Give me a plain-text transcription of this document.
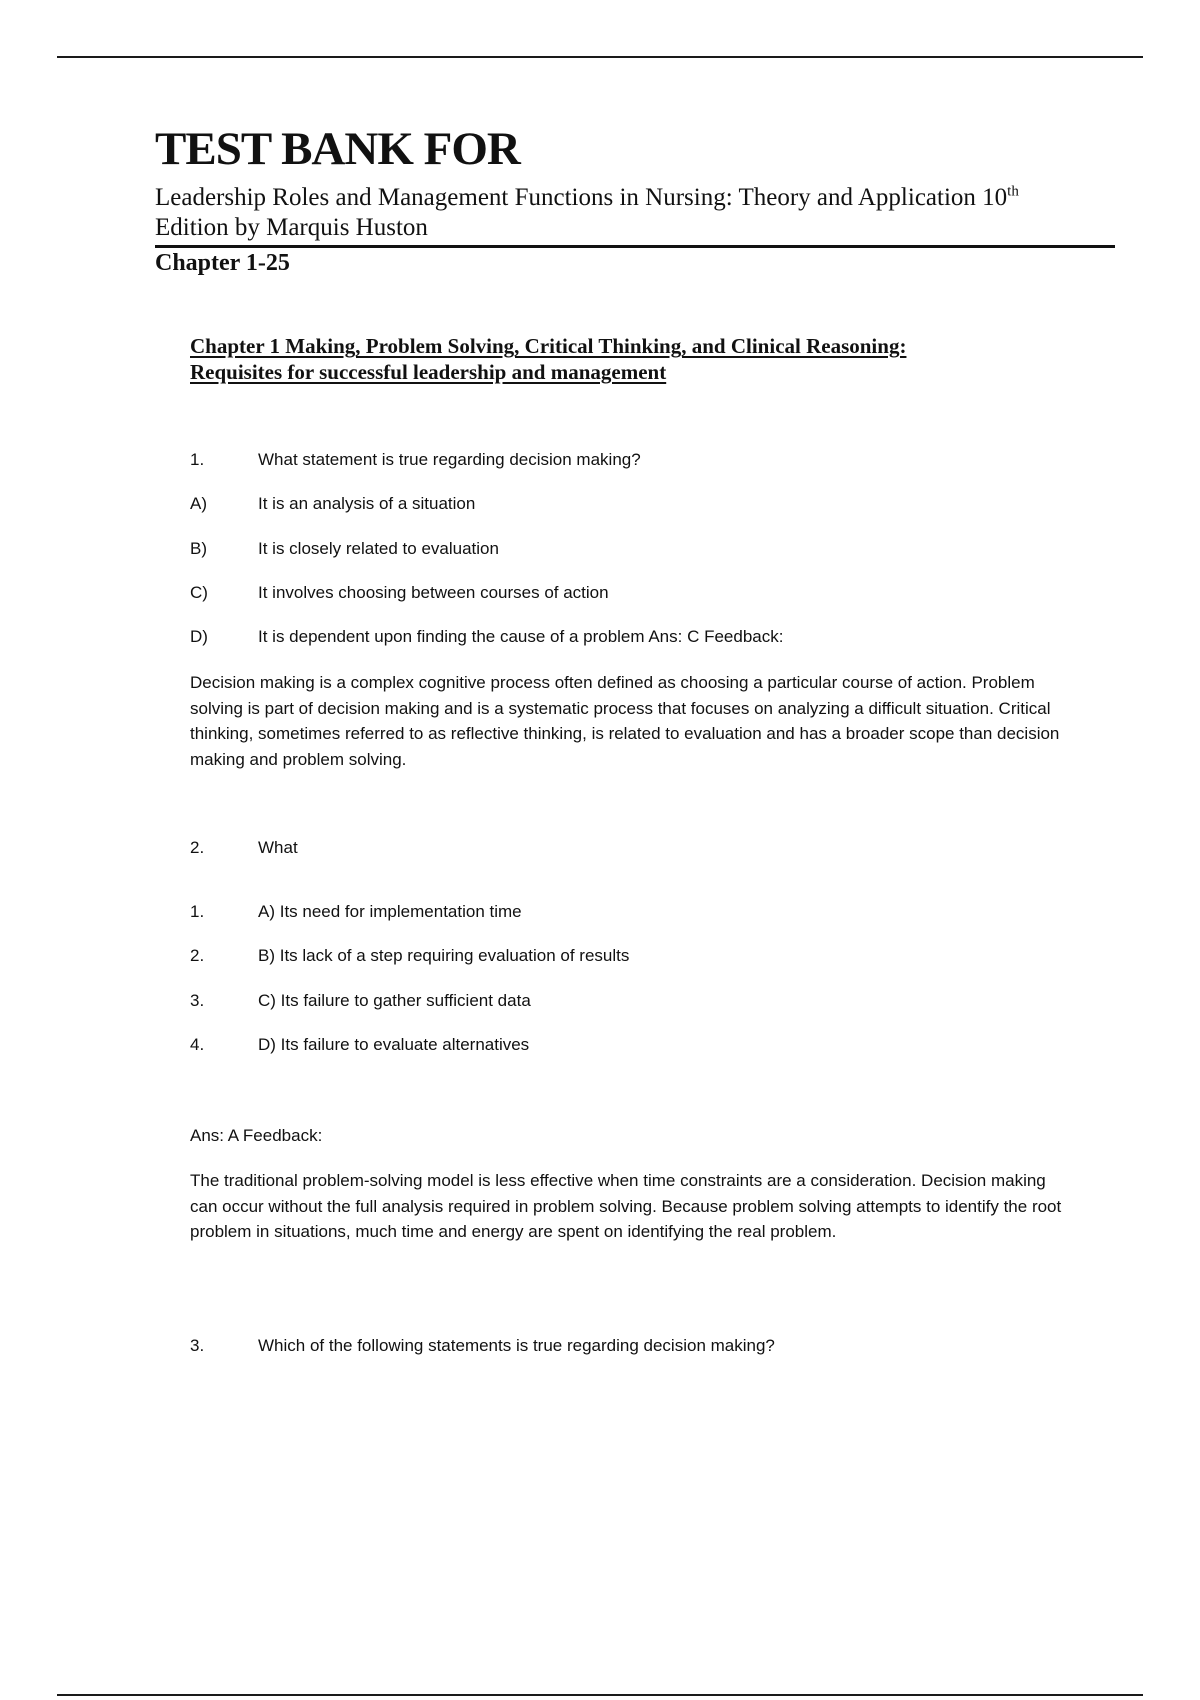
TEST BANK FOR
Leadership Roles and Management Functions in Nursing: Theory and Application 10th
Edition by Marquis Huston
Chapter 1-25
Chapter 1 Making, Problem Solving, Critical Thinking, and Clinical Reasoning:
Requisites for successful leadership and management
1.	What statement is true regarding decision making?
A)	It is an analysis of a situation
B)	It is closely related to evaluation
C)	It involves choosing between courses of action
D)	It is dependent upon finding the cause of a problem Ans: C Feedback:
Decision making is a complex cognitive process often defined as choosing a particular course of action. Problem solving is part of decision making and is a systematic process that focuses on analyzing a difficult situation. Critical thinking, sometimes referred to as reflective thinking, is related to evaluation and has a broader scope than decision making and problem solving.
2.	What
1.	A) Its need for implementation time
2.	B) Its lack of a step requiring evaluation of results
3.	C) Its failure to gather sufficient data
4.	D) Its failure to evaluate alternatives
Ans: A Feedback:
The traditional problem-solving model is less effective when time constraints are a consideration. Decision making can occur without the full analysis required in problem solving. Because problem solving attempts to identify the root problem in situations, much time and energy are spent on identifying the real problem.
3.	Which of the following statements is true regarding decision making?
